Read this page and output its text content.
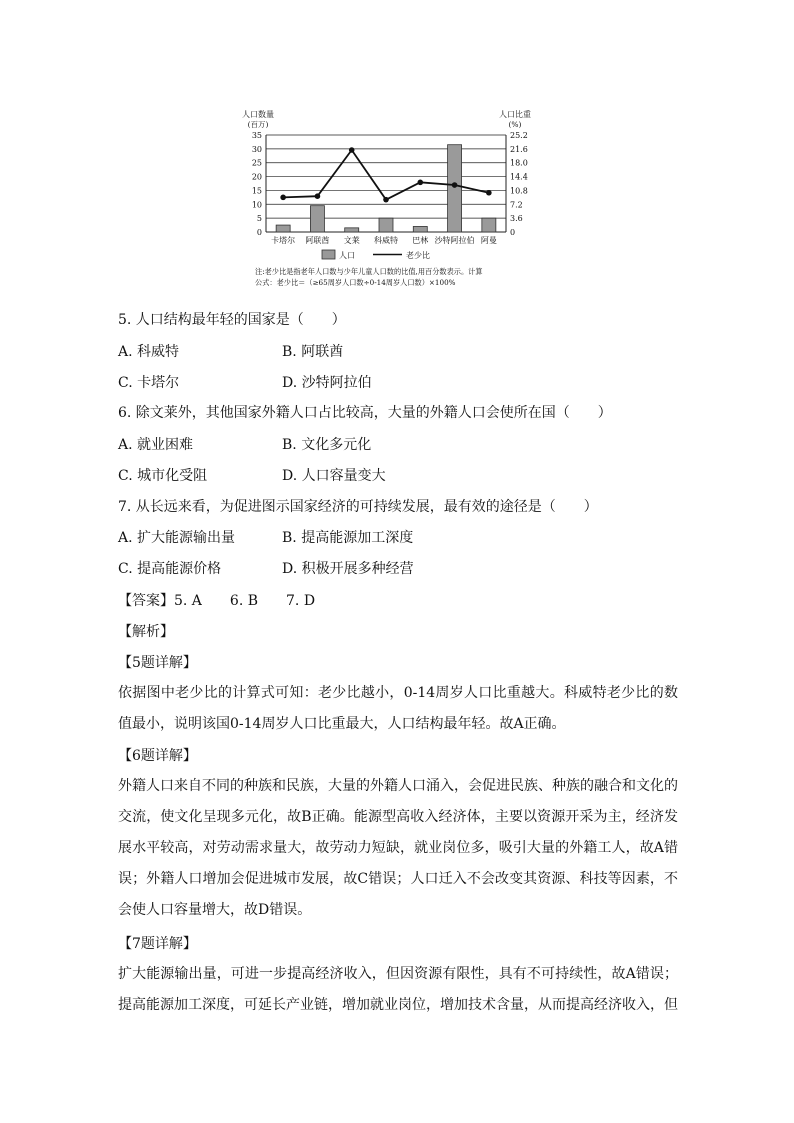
人口数量
(百万)
人口比重
(%)
人口	老少比
注:老少比是指老年人口数与少年儿童人口数的比值,用百分数表示。计算
公式：老少比＝（≥65周岁人口数÷0-14周岁人口数）×100%
0	0
5	3.6
10	7.2
15	10.8
20	14.4
25	18.0
30	21.6
35	25.2
卡塔尔 阿联酋 文莱 科威特 巴林 沙特阿拉伯 阿曼
5. 人口结构最年轻的国家是（　　）
A. 科威特	B. 阿联酋
C. 卡塔尔	D. 沙特阿拉伯
6. 除文莱外，其他国家外籍人口占比较高，大量的外籍人口会使所在国（　　）
A. 就业困难	B. 文化多元化
C. 城市化受阻	D. 人口容量变大
7. 从长远来看，为促进图示国家经济的可持续发展，最有效的途径是（　　）
A. 扩大能源输出量	B. 提高能源加工深度
C. 提高能源价格	D. 积极开展多种经营
【答案】5. A　　6. B　　7. D
【解析】
【5题详解】
依据图中老少比的计算式可知：老少比越小，0-14周岁人口比重越大。科威特老少比的数值最小，说明该国0-14周岁人口比重最大，人口结构最年轻。故A正确。
【6题详解】
外籍人口来自不同的种族和民族，大量的外籍人口涌入，会促进民族、种族的融合和文化的交流，使文化呈现多元化，故B正确。能源型高收入经济体，主要以资源开采为主，经济发展水平较高，对劳动需求量大，故劳动力短缺，就业岗位多，吸引大量的外籍工人，故A错误；外籍人口增加会促进城市发展，故C错误；人口迁入不会改变其资源、科技等因素，不会使人口容量增大，故D错误。
【7题详解】
扩大能源输出量，可进一步提高经济收入，但因资源有限性，具有不可持续性，故A错误；提高能源加工深度，可延长产业链，增加就业岗位，增加技术含量，从而提高经济收入，但
